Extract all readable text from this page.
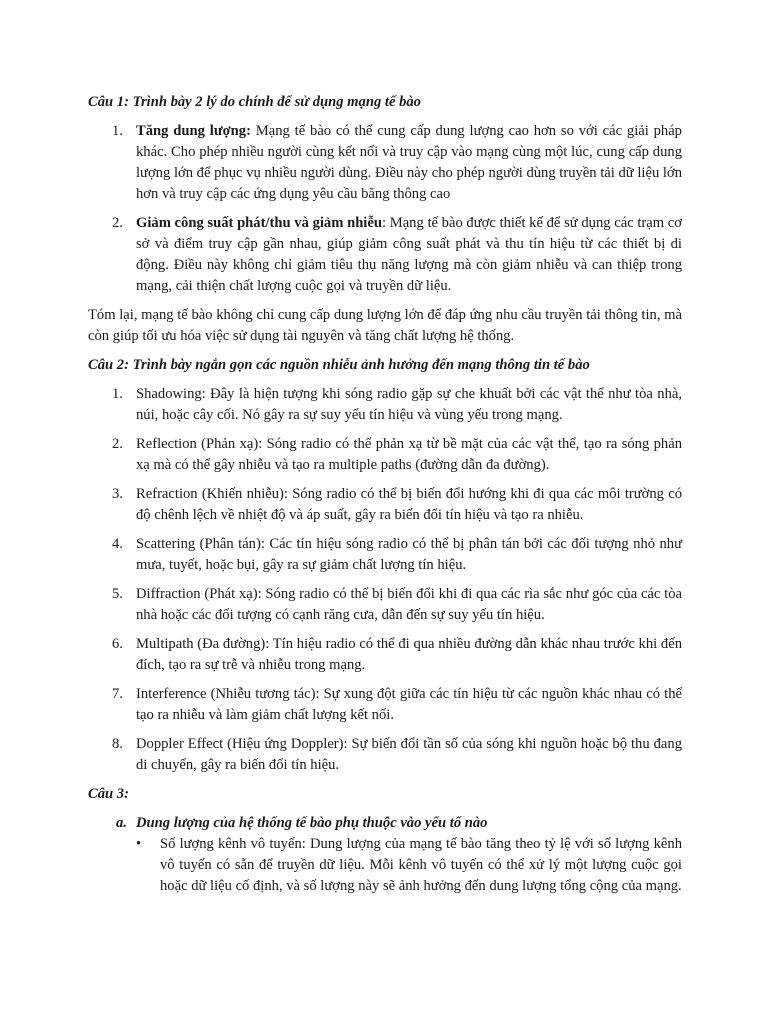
Câu 1: Trình bày 2 lý do chính để sử dụng mạng tế bào

1. Tăng dung lượng: Mạng tế bào có thể cung cấp dung lượng cao hơn so với các giải pháp khác. Cho phép nhiều người cùng kết nối và truy cập vào mạng cùng một lúc, cung cấp dung lượng lớn để phục vụ nhiều người dùng. Điều này cho phép người dùng truyền tải dữ liệu lớn hơn và truy cập các ứng dụng yêu cầu băng thông cao
2. Giảm công suất phát/thu và giảm nhiễu: Mạng tế bào được thiết kế để sử dụng các trạm cơ sở và điểm truy cập gần nhau, giúp giảm công suất phát và thu tín hiệu từ các thiết bị di động. Điều này không chỉ giảm tiêu thụ năng lượng mà còn giảm nhiễu và can thiệp trong mạng, cải thiện chất lượng cuộc gọi và truyền dữ liệu.

Tóm lại, mạng tế bào không chỉ cung cấp dung lượng lớn để đáp ứng nhu cầu truyền tải thông tin, mà còn giúp tối ưu hóa việc sử dụng tài nguyên và tăng chất lượng hệ thống.

Câu 2: Trình bày ngắn gọn các nguồn nhiễu ảnh hưởng đến mạng thông tin tế bào

1. Shadowing: Đây là hiện tượng khi sóng radio gặp sự che khuất bởi các vật thể như tòa nhà, núi, hoặc cây cối. Nó gây ra sự suy yếu tín hiệu và vùng yếu trong mạng.
2. Reflection (Phản xạ): Sóng radio có thể phản xạ từ bề mặt của các vật thể, tạo ra sóng phản xạ mà có thể gây nhiễu và tạo ra multiple paths (đường dẫn đa đường).
3. Refraction (Khiến nhiễu): Sóng radio có thể bị biến đổi hướng khi đi qua các môi trường có độ chênh lệch về nhiệt độ và áp suất, gây ra biến đổi tín hiệu và tạo ra nhiễu.
4. Scattering (Phân tán): Các tín hiệu sóng radio có thể bị phân tán bởi các đối tượng nhỏ như mưa, tuyết, hoặc bụi, gây ra sự giảm chất lượng tín hiệu.
5. Diffraction (Phát xạ): Sóng radio có thể bị biến đổi khi đi qua các rìa sắc như góc của các tòa nhà hoặc các đối tượng có cạnh răng cưa, dẫn đến sự suy yếu tín hiệu.
6. Multipath (Đa đường): Tín hiệu radio có thể đi qua nhiều đường dẫn khác nhau trước khi đến đích, tạo ra sự trễ và nhiễu trong mạng.
7. Interference (Nhiễu tương tác): Sự xung đột giữa các tín hiệu từ các nguồn khác nhau có thể tạo ra nhiễu và làm giảm chất lượng kết nối.
8. Doppler Effect (Hiệu ứng Doppler): Sự biến đổi tần số của sóng khi nguồn hoặc bộ thu đang di chuyển, gây ra biến đổi tín hiệu.

Câu 3:

a. Dung lượng của hệ thống tế bào phụ thuộc vào yếu tố nào

• Số lượng kênh vô tuyến: Dung lượng của mạng tế bào tăng theo tỷ lệ với số lượng kênh vô tuyến có sẵn để truyền dữ liệu. Mỗi kênh vô tuyến có thể xử lý một lượng cuộc gọi hoặc dữ liệu cố định, và số lượng này sẽ ảnh hưởng đến dung lượng tổng cộng của mạng.
